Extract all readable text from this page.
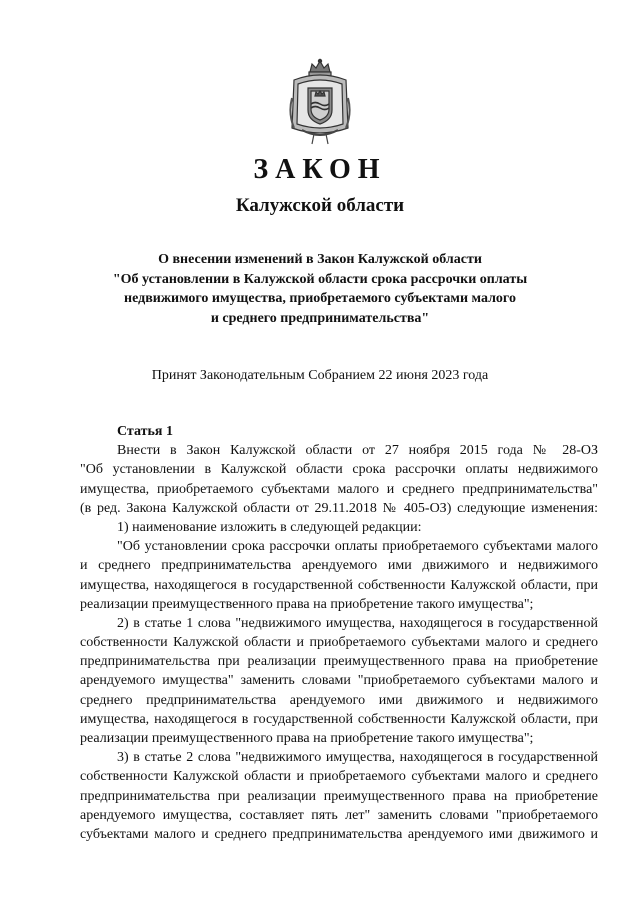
ЗАКОН
Калужской области
О внесении изменений в Закон Калужской области
"Об установлении в Калужской области срока рассрочки оплаты
недвижимого имущества, приобретаемого субъектами малого
и среднего предпринимательства"
Принят Законодательным Собранием 22 июня 2023 года
Статья 1
Внести в Закон Калужской области от 27 ноября 2015 года № 28-ОЗ
"Об установлении в Калужской области срока рассрочки оплаты недвижимого
имущества, приобретаемого субъектами малого и среднего предпринимательства"
(в ред. Закона Калужской области от 29.11.2018 № 405-ОЗ) следующие изменения:
1) наименование изложить в следующей редакции:
"Об установлении срока рассрочки оплаты приобретаемого субъектами малого
и среднего предпринимательства арендуемого ими движимого и недвижимого
имущества, находящегося в государственной собственности Калужской области, при
реализации преимущественного права на приобретение такого имущества";
2) в статье 1 слова "недвижимого имущества, находящегося в государственной
собственности Калужской области и приобретаемого субъектами малого и среднего
предпринимательства при реализации преимущественного права на приобретение
арендуемого имущества" заменить словами "приобретаемого субъектами малого и
среднего предпринимательства арендуемого ими движимого и недвижимого
имущества, находящегося в государственной собственности Калужской области, при
реализации преимущественного права на приобретение такого имущества";
3) в статье 2 слова "недвижимого имущества, находящегося в государственной
собственности Калужской области и приобретаемого субъектами малого и среднего
предпринимательства при реализации преимущественного права на приобретение
арендуемого имущества, составляет пять лет" заменить словами "приобретаемого
субъектами малого и среднего предпринимательства арендуемого ими движимого и
